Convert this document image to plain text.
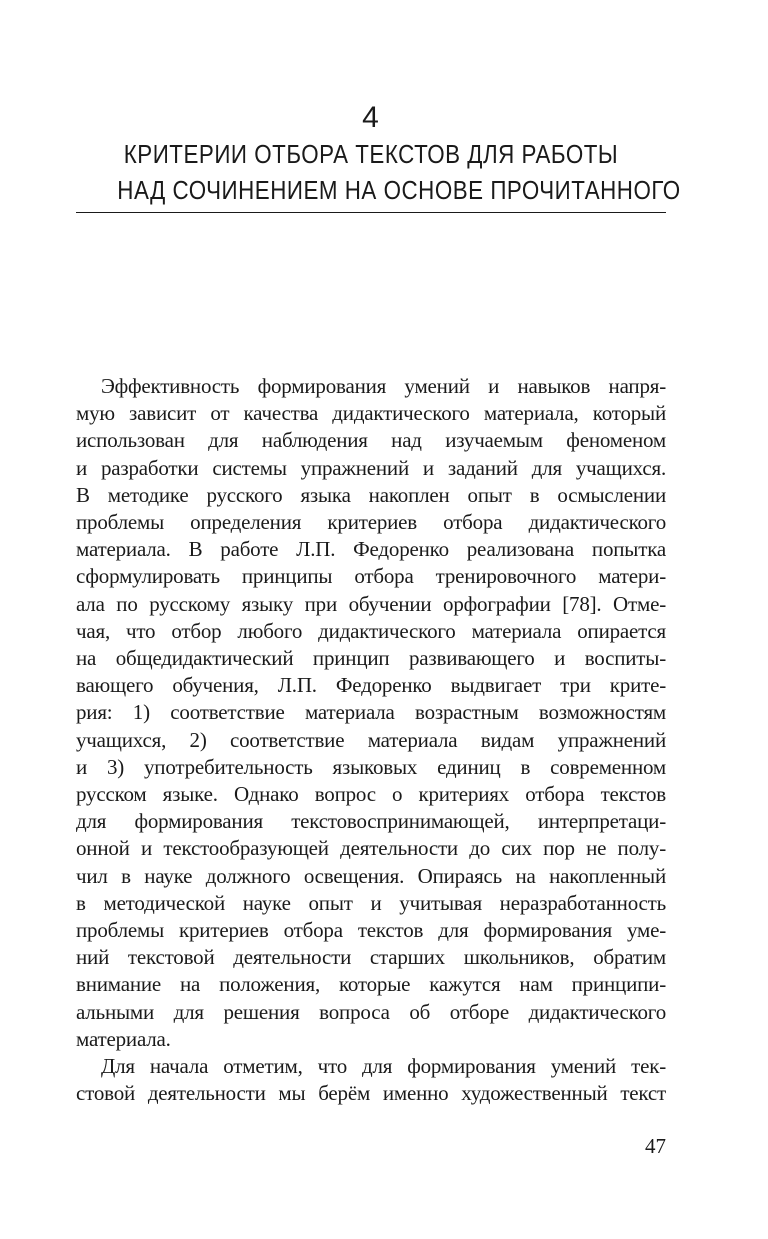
4
КРИТЕРИИ ОТБОРА ТЕКСТОВ ДЛЯ РАБОТЫ
НАД СОЧИНЕНИЕМ НА ОСНОВЕ ПРОЧИТАННОГО
Эффективность формирования умений и навыков напря-
мую зависит от качества дидактического материала, который
использован для наблюдения над изучаемым феноменом
и разработки системы упражнений и заданий для учащихся.
В методике русского языка накоплен опыт в осмыслении
проблемы определения критериев отбора дидактического
материала. В работе Л.П. Федоренко реализована попытка
сформулировать принципы отбора тренировочного матери-
ала по русскому языку при обучении орфографии [78]. Отме-
чая, что отбор любого дидактического материала опирается
на общедидактический принцип развивающего и воспиты-
вающего обучения, Л.П. Федоренко выдвигает три крите-
рия: 1) соответствие материала возрастным возможностям
учащихся, 2) соответствие материала видам упражнений
и 3) употребительность языковых единиц в современном
русском языке. Однако вопрос о критериях отбора текстов
для формирования текстовоспринимающей, интерпретаци-
онной и текстообразующей деятельности до сих пор не полу-
чил в науке должного освещения. Опираясь на накопленный
в методической науке опыт и учитывая неразработанность
проблемы критериев отбора текстов для формирования уме-
ний текстовой деятельности старших школьников, обратим
внимание на положения, которые кажутся нам принципи-
альными для решения вопроса об отборе дидактического
материала.
Для начала отметим, что для формирования умений тек-
стовой деятельности мы берём именно художественный текст
47
